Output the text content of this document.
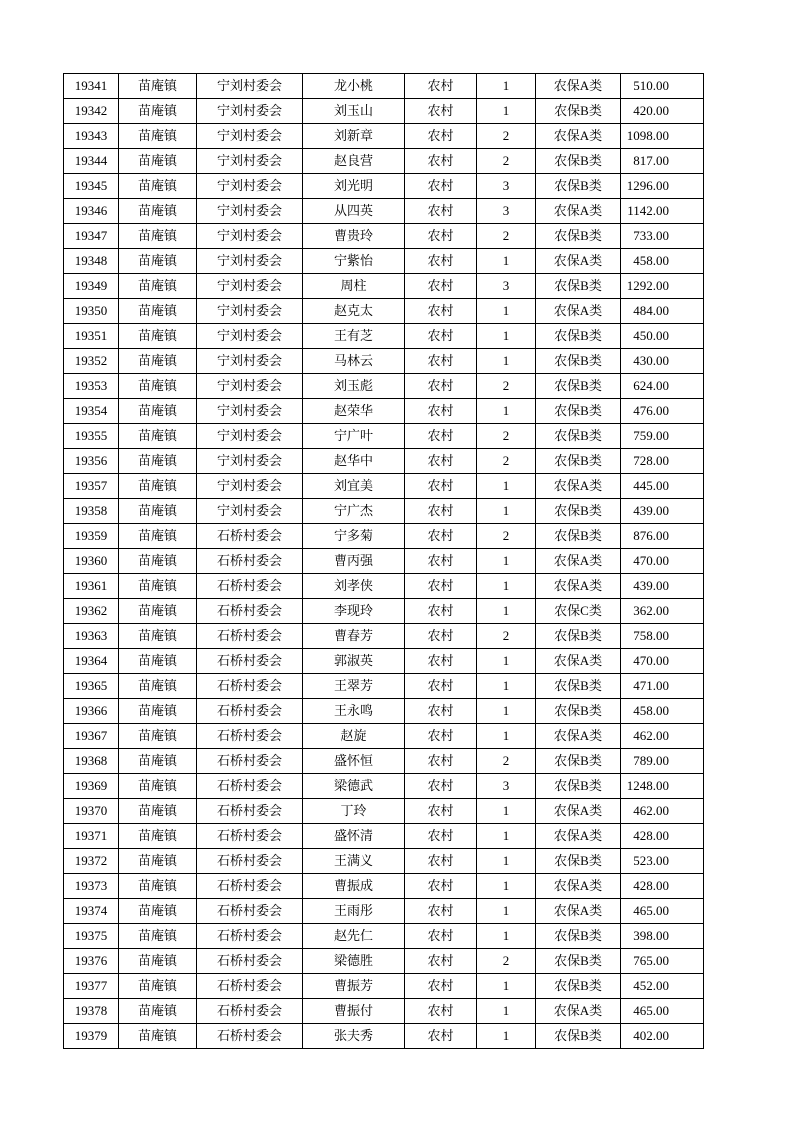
19341	苗庵镇	宁刘村委会	龙小桃	农村	1	农保A类	510.00
19342	苗庵镇	宁刘村委会	刘玉山	农村	1	农保B类	420.00
19343	苗庵镇	宁刘村委会	刘新章	农村	2	农保A类	1098.00
19344	苗庵镇	宁刘村委会	赵良营	农村	2	农保B类	817.00
19345	苗庵镇	宁刘村委会	刘光明	农村	3	农保B类	1296.00
19346	苗庵镇	宁刘村委会	从四英	农村	3	农保A类	1142.00
19347	苗庵镇	宁刘村委会	曹贵玲	农村	2	农保B类	733.00
19348	苗庵镇	宁刘村委会	宁紫怡	农村	1	农保A类	458.00
19349	苗庵镇	宁刘村委会	周柱	农村	3	农保B类	1292.00
19350	苗庵镇	宁刘村委会	赵克太	农村	1	农保A类	484.00
19351	苗庵镇	宁刘村委会	王有芝	农村	1	农保B类	450.00
19352	苗庵镇	宁刘村委会	马林云	农村	1	农保B类	430.00
19353	苗庵镇	宁刘村委会	刘玉彪	农村	2	农保B类	624.00
19354	苗庵镇	宁刘村委会	赵荣华	农村	1	农保B类	476.00
19355	苗庵镇	宁刘村委会	宁广叶	农村	2	农保B类	759.00
19356	苗庵镇	宁刘村委会	赵华中	农村	2	农保B类	728.00
19357	苗庵镇	宁刘村委会	刘宜美	农村	1	农保A类	445.00
19358	苗庵镇	宁刘村委会	宁广杰	农村	1	农保B类	439.00
19359	苗庵镇	石桥村委会	宁多菊	农村	2	农保B类	876.00
19360	苗庵镇	石桥村委会	曹丙强	农村	1	农保A类	470.00
19361	苗庵镇	石桥村委会	刘孝侠	农村	1	农保A类	439.00
19362	苗庵镇	石桥村委会	李现玲	农村	1	农保C类	362.00
19363	苗庵镇	石桥村委会	曹春芳	农村	2	农保B类	758.00
19364	苗庵镇	石桥村委会	郭淑英	农村	1	农保A类	470.00
19365	苗庵镇	石桥村委会	王翠芳	农村	1	农保B类	471.00
19366	苗庵镇	石桥村委会	王永鸣	农村	1	农保B类	458.00
19367	苗庵镇	石桥村委会	赵旋	农村	1	农保A类	462.00
19368	苗庵镇	石桥村委会	盛怀恒	农村	2	农保B类	789.00
19369	苗庵镇	石桥村委会	梁德武	农村	3	农保B类	1248.00
19370	苗庵镇	石桥村委会	丁玲	农村	1	农保A类	462.00
19371	苗庵镇	石桥村委会	盛怀清	农村	1	农保A类	428.00
19372	苗庵镇	石桥村委会	王满义	农村	1	农保B类	523.00
19373	苗庵镇	石桥村委会	曹振成	农村	1	农保A类	428.00
19374	苗庵镇	石桥村委会	王雨彤	农村	1	农保A类	465.00
19375	苗庵镇	石桥村委会	赵先仁	农村	1	农保B类	398.00
19376	苗庵镇	石桥村委会	梁德胜	农村	2	农保B类	765.00
19377	苗庵镇	石桥村委会	曹振芳	农村	1	农保B类	452.00
19378	苗庵镇	石桥村委会	曹振付	农村	1	农保A类	465.00
19379	苗庵镇	石桥村委会	张夫秀	农村	1	农保B类	402.00
